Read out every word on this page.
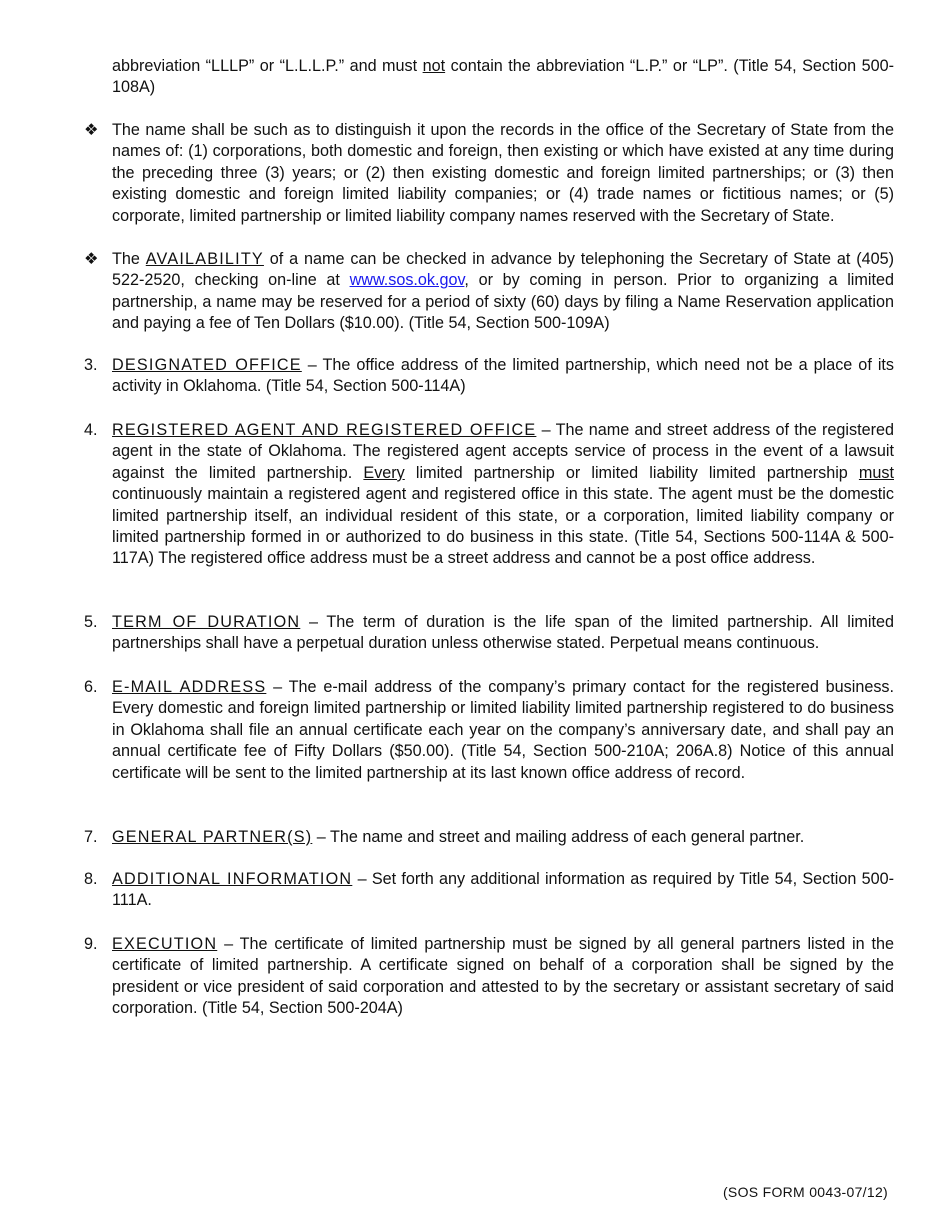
abbreviation “LLLP” or “L.L.L.P.” and must not contain the abbreviation “L.P.” or “LP”. (Title 54, Section 500-108A)
❖ The name shall be such as to distinguish it upon the records in the office of the Secretary of State from the names of: (1) corporations, both domestic and foreign, then existing or which have existed at any time during the preceding three (3) years; or (2) then existing domestic and foreign limited partnerships; or (3) then existing domestic and foreign limited liability companies; or (4) trade names or fictitious names; or (5) corporate, limited partnership or limited liability company names reserved with the Secretary of State.
❖ The AVAILABILITY of a name can be checked in advance by telephoning the Secretary of State at (405) 522-2520, checking on-line at www.sos.ok.gov, or by coming in person. Prior to organizing a limited partnership, a name may be reserved for a period of sixty (60) days by filing a Name Reservation application and paying a fee of Ten Dollars ($10.00). (Title 54, Section 500-109A)
3. DESIGNATED OFFICE – The office address of the limited partnership, which need not be a place of its activity in Oklahoma. (Title 54, Section 500-114A)
4. REGISTERED AGENT AND REGISTERED OFFICE – The name and street address of the registered agent in the state of Oklahoma. The registered agent accepts service of process in the event of a lawsuit against the limited partnership. Every limited partnership or limited liability limited partnership must continuously maintain a registered agent and registered office in this state. The agent must be the domestic limited partnership itself, an individual resident of this state, or a corporation, limited liability company or limited partnership formed in or authorized to do business in this state. (Title 54, Sections 500-114A & 500-117A) The registered office address must be a street address and cannot be a post office address.
5. TERM OF DURATION – The term of duration is the life span of the limited partnership. All limited partnerships shall have a perpetual duration unless otherwise stated. Perpetual means continuous.
6. E-MAIL ADDRESS – The e-mail address of the company’s primary contact for the registered business. Every domestic and foreign limited partnership or limited liability limited partnership registered to do business in Oklahoma shall file an annual certificate each year on the company’s anniversary date, and shall pay an annual certificate fee of Fifty Dollars ($50.00). (Title 54, Section 500-210A; 206A.8) Notice of this annual certificate will be sent to the limited partnership at its last known office address of record.
7. GENERAL PARTNER(S) – The name and street and mailing address of each general partner.
8. ADDITIONAL INFORMATION – Set forth any additional information as required by Title 54, Section 500-111A.
9. EXECUTION – The certificate of limited partnership must be signed by all general partners listed in the certificate of limited partnership. A certificate signed on behalf of a corporation shall be signed by the president or vice president of said corporation and attested to by the secretary or assistant secretary of said corporation. (Title 54, Section 500-204A)
(SOS FORM 0043-07/12)
